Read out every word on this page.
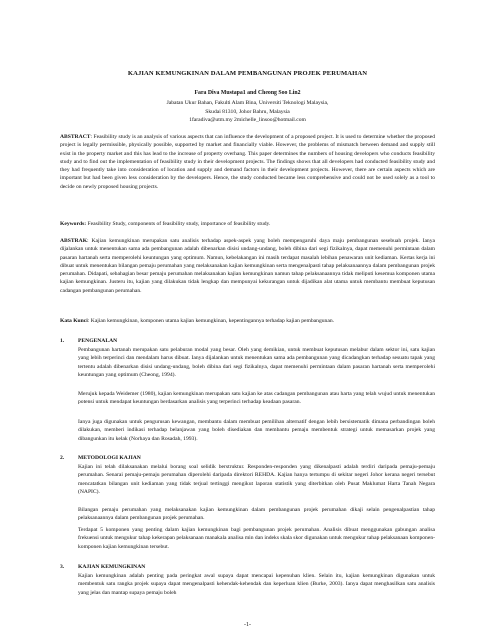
KAJIAN KEMUNGKINAN DALAM PEMBANGUNAN PROJEK PERUMAHAN
Fara Diva Mustapa1 and Cheong Soo Lin2
Jabatan Ukur Bahan, Fakulti Alam Bina, Universiti Teknologi Malaysia,
Skudai 81310, Johor Bahru, Malaysia
1faradiva@utm.my 2michelle_linsoo@hotmail.com
ABSTRACT: Feasibility study is an analysis of various aspects that can influence the development of a proposed project. It is used to determine whether the proposed project is legally permissible, physically possible, supported by market and financially viable. However, the problems of mismatch between demand and supply still exist in the property market and this has lead to the increase of property overhang. This paper determines the numbers of housing developers who conducts feasibility study and to find out the implementation of feasibility study in their development projects. The findings shows that all developers had conducted feasibility study and they had frequently take into consideration of location and supply and demand factors in their development projects. However, there are certain aspects which are important but had been given less consideration by the developers. Hence, the study conducted became less comprehensive and could not be used solely as a tool to decide on newly proposed housing projects.
Keywords: Feasibility Study, components of feasibility study, importance of feasibility study.
ABSTRAK: Kajian kemungkinan merupakan satu analisis terhadap aspek-aspek yang boleh mempengaruhi daya maju pembangunan sesebuah projek. Ianya dijalankan untuk menentukan sama ada pembangunan adalah dibenarkan disisi undang-undang, boleh dibina dari segi fizikalnya, dapat memenuhi permintaan dalam pasaran hartanah serta memperolehi keuntungan yang optimum. Namun, kebelakangan ini masih terdapat masalah lebihan penawaran unit kediaman. Kertas kerja ini dibuat untuk menentukan bilangan pemaju perumahan yang melaksanakan kajian kemungkinan serta mengenalpasti tahap pelaksanaannya dalam pembangunan projek perumahan. Didapati, sebahagian besar pemaju perumahan melaksanakan kajian kemungkinan namun tahap pelaksanaannya tidak meliputi kesemua komponen utama kajian kemungkinan. Justeru itu, kajian yang dilakukan tidak lengkap dan mempunyai kekurangan untuk dijadikan alat utama untuk membantu membuat keputusan cadangan pembangunan perumahan.
Kata Kunci: Kajian kemungkinan, komponen utama kajian kemungkinan, kepentingannya terhadap kajian pembangunan.
1. PENGENALAN
Pembangunan hartanah merupakan satu pelaburan modal yang besar. Oleh yang demikian, untuk membuat keputusan melabur dalam sektor ini, satu kajian yang lebih terperinci dan mendalam harus dibuat. Ianya dijalankan untuk menentukan sama ada pembangunan yang dicadangkan terhadap sesuatu tapak yang tertentu adalah dibenarkan disisi undang-undang, boleh dibina dari segi fizikalnya, dapat memenuhi permintaan dalam pasaran hartanah serta memperolehi keuntungan yang optimum (Cheong, 1994).
Merujuk kepada Weidemer (1980), kajian kemungkinan merupakan satu kajian ke atas cadangan pembangunan atau harta yang telah wujud untuk menentukan potensi untuk mendapat keuntungan berdasarkan analisis yang terperinci terhadap keadaan pasaran.
Ianya juga digunakan untuk pengurusan kewangan, membantu dalam membuat pemilihan alternatif dengan lebih bersistematik dimana perbandingan boleh dilakukan, memberi indikasi terhadap belanjawan yang boleh disediakan dan membantu pemaju membentuk strategi untuk memasarkan projek yang dibangunkan itu kelak (Norhaya dan Rosadah, 1993).
2. METODOLOGI KAJIAN
Kajian ini telah dilaksanakan melalui borang soal selidik berstruktur. Responden-responden yang dikenalpasti adalah terdiri daripada pemaju-pemaju perumahan. Senarai pemaju-pemaju perumahan diperolehi daripada direktori REHDA. Kajian hanya tertumpu di sekitar negeri Johor kerana negeri tersebut mencatatkan bilangan unit kediaman yang tidak terjual tertinggi mengikut laporan statistik yang diterbitkan oleh Pusat Maklumat Harta Tanah Negara (NAPIC).
Bilangan pemaju perumahan yang melaksanakan kajian kemungkinan dalam pembangunan projek perumahan dikaji selain pengenalpastian tahap pelaksanaannya dalam pembangunan projek perumahan.
Terdapat 5 komponen yang penting dalam kajian kemungkinan bagi pembangunan projek perumahan. Analisis dibuat menggunakan gabungan analisa frekuensi untuk mengukur tahap kekerapan pelaksanaan manakala analisa min dan indeks skala skor digunakan untuk mengukur tahap pelaksanaan komponen-komponen kajian kemungkinan tersebut.
3. KAJIAN KEMUNGKINAN
Kajian kemungkinan adalah penting pada peringkat awal supaya dapat mencapai kepenuhan klien. Selain itu, kajian kemungkinan digunakan untuk membentuk satu rangka projek supaya dapat mengenalpasti kehendak-kehendak dan keperluan klien (Burke, 2003). Ianya dapat menghasilkan satu analisis yang jelas dan mantap supaya pemaju boleh
-1-
